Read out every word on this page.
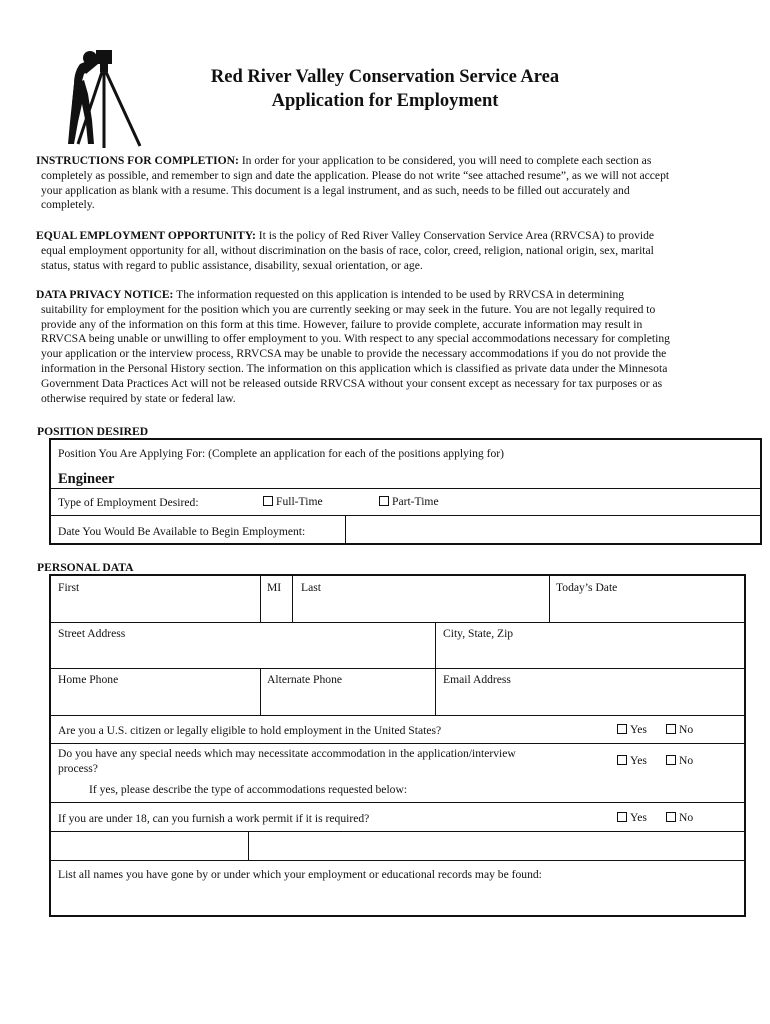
Red River Valley Conservation Service Area
Application for Employment
INSTRUCTIONS FOR COMPLETION: In order for your application to be considered, you will need to complete each section as
completely as possible, and remember to sign and date the application. Please do not write “see attached resume”, as we will not accept
your application as blank with a resume. This document is a legal instrument, and as such, needs to be filled out accurately and
completely.
EQUAL EMPLOYMENT OPPORTUNITY: It is the policy of Red River Valley Conservation Service Area (RRVCSA) to provide
equal employment opportunity for all, without discrimination on the basis of race, color, creed, religion, national origin, sex, marital
status, status with regard to public assistance, disability, sexual orientation, or age.
DATA PRIVACY NOTICE: The information requested on this application is intended to be used by RRVCSA in determining
suitability for employment for the position which you are currently seeking or may seek in the future. You are not legally required to
provide any of the information on this form at this time. However, failure to provide complete, accurate information may result in
RRVCSA being unable or unwilling to offer employment to you. With respect to any special accommodations necessary for completing
your application or the interview process, RRVCSA may be unable to provide the necessary accommodations if you do not provide the
information in the Personal History section. The information on this application which is classified as private data under the Minnesota
Government Data Practices Act will not be released outside RRVCSA without your consent except as necessary for tax purposes or as
otherwise required by state or federal law.
POSITION DESIRED
Position You Are Applying For: (Complete an application for each of the positions applying for)
Engineer
Type of Employment Desired:	Full-Time	Part-Time
Date You Would Be Available to Begin Employment:
PERSONAL DATA
First	MI Last	Today’s Date
Street Address	City, State, Zip
Home Phone	Alternate Phone	Email Address
Are you a U.S. citizen or legally eligible to hold employment in the United States?	Yes	No
Do you have any special needs which may necessitate accommodation in the application/interview
process?
Yes	No
If yes, please describe the type of accommodations requested below:
If you are under 18, can you furnish a work permit if it is required?	Yes	No
List all names you have gone by or under which your employment or educational records may be found:
